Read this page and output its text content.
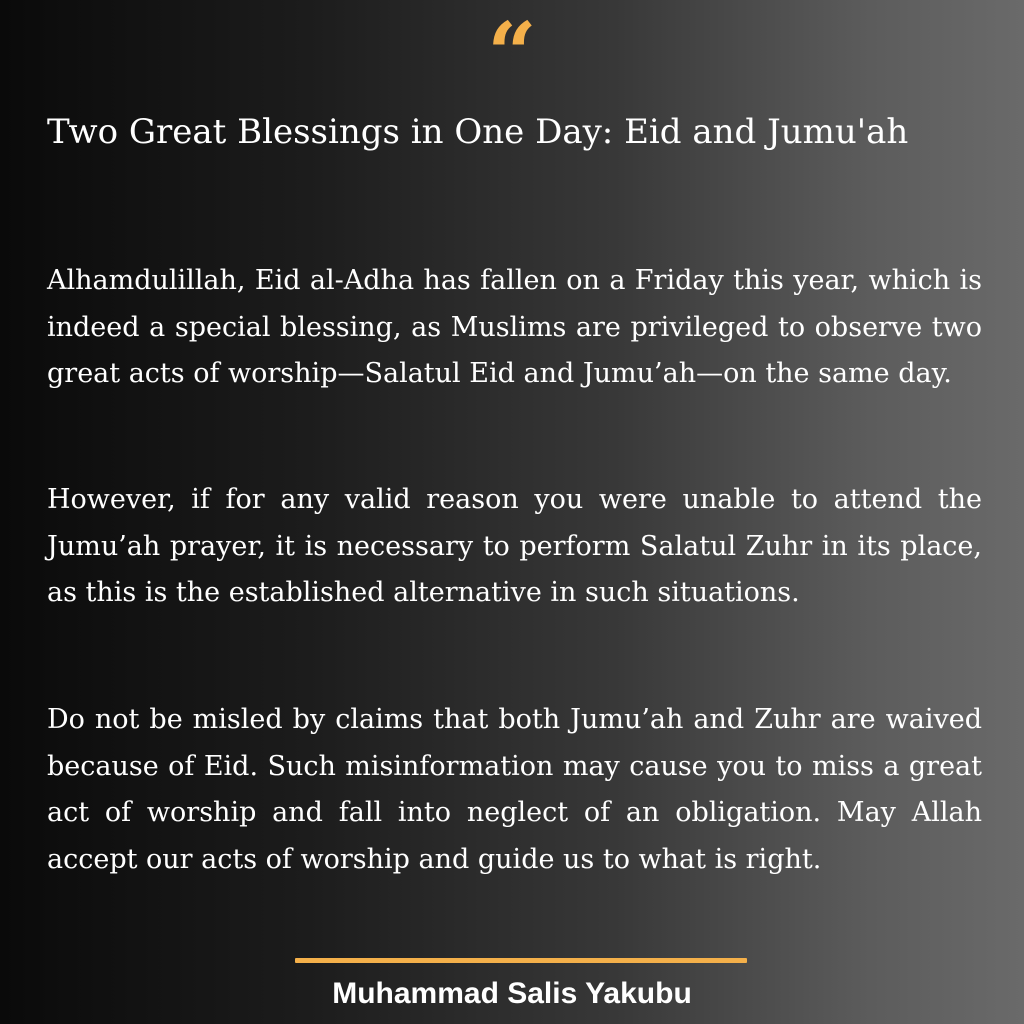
“
Two Great Blessings in One Day: Eid and Jumu'ah

Alhamdulillah, Eid al-Adha has fallen on a Friday this year, which is indeed a special blessing, as Muslims are privileged to observe two great acts of worship—Salatul Eid and Jumu’ah—on the same day.

However, if for any valid reason you were unable to attend the Jumu’ah prayer, it is necessary to perform Salatul Zuhr in its place, as this is the established alternative in such situations.

Do not be misled by claims that both Jumu’ah and Zuhr are waived because of Eid. Such misinformation may cause you to miss a great act of worship and fall into neglect of an obligation. May Allah accept our acts of worship and guide us to what is right.

Muhammad Salis Yakubu
